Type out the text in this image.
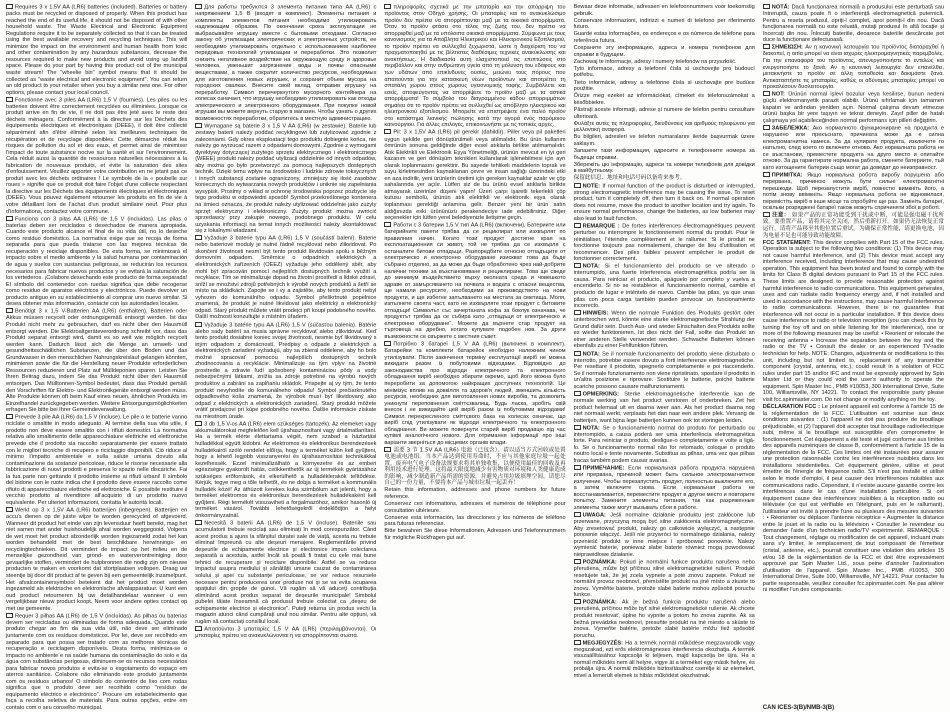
Requires 3 x 1.5V AA (LR6) batteries (included). Batteries or battery packs must be recycled or disposed of properly. When this product has reached the end of its useful life, it should not be disposed of with other household waste. The Waste Electrical and Electronic Equipment Regulations require it to be separately collected so that it can be treated using the best available recovery and recycling techniques. This will minimize the impact on the environment and human health from toxic and other contamination by any hazardous substances, decrease the resources required to make new products and avoid using up landfill space. Please do your part by having this product out of the municipal waste stream! The "wheelie bin" symbol means that it should be collected as "waste electrical and electronic equipment". You can return an old product to your retailer when you buy a similar new one. For other options, please contact your local council.

Fonctionne avec 3 piles AA (LR6) 1,5 V (fournies). Les piles ou les batteries doivent être correctement recyclées ou éliminées. Lorsque ce produit arrive en fin de vie, il ne doit pas être jeté avec le reste des déchets ménagers. Conformément à la directive sur les Déchets des équipements électriques et électroniques (DEEE), il doit être collecté séparément afin d'être éliminé selon les meilleures techniques de récupération et de recyclage disponibles. Cette démarche réduit les risques de pollution du sol et des eaux, et permet ainsi de minimiser l'impact de toute substance nocive sur la santé et sur l'environnement. Cela réduit aussi la quantité de ressources naturelles nécessaires à la fabrication de nouveaux produits, et évite la saturation des sites d'enfouissement. Veuillez apporter votre contribution en ne jetant pas ce produit avec les déchets ordinaires ! Le symbole de la « poubelle sur roues » signifie que ce produit doit faire l'objet d'une collecte respectant la directive sur les Déchets des équipements électriques et électroniques (DEEE). Vous pouvez également retourner les produits en fin de vie à votre détaillant lors de l'achat d'un produit similaire neuf. Pour plus d'informations, contactez votre commune.

Funciona con 3 pilas AA (LR6) de 1,5 V (incluidas). Las pilas o baterías deben ser reciclados o desechados de manera apropiada. Cuando este producto alcance el final de su vida útil, no lo deseche como residuo doméstico. La normativa exige que se recoja de forma separada para que pueda tratarse con las mejores técnicas de recuperación y reciclaje disponibles. De esta forma, se minimizará el impacto sobre el medio ambiente y la salud humana por contaminación de agua y suelos con sustancias peligrosas, se reducirán los recursos necesarios para fabricar nuevos productos y se evitará la saturación de los vertederos. ¡Colabore desechando este producto de forma separada! El símbolo del contenedor con ruedas significa que debe recogerse como residuo de aparatos eléctricos y electrónicos. Puede devolver un producto antiguo en su establecimiento al comprar uno nuevo similar. Si desea obtener más información, contacte con las autoridades locales.

Benötigt 3 x 1,5 V-Batterien AA (LR6) (enthalten). Batterien oder Akkus müssen recycelt oder ordnungsgemäß entsorgt werden. Ist das Produkt nicht mehr zu gebrauchen, darf es nicht über den Hausmüll entsorgt werden. Die Elektroaltgeräteverordnung schreibt vor, dass das Produkt separat entsorgt wird, damit es so weit wie möglich recycelt werden kann. Dadurch lässt sich die Menge an umwelt- und gesundheitsschädlichen Substanzen, die über den Boden und das Grundwasser in den menschlichen Nahrungskreislauf gelangen könnten, minimieren sowie die für die Herstellung neuer Produkte erforderlichen Ressourcen reduzieren und Platz auf Mülldeponien sparen. Leisten Sie Ihren Beitrag dazu, indem Sie das Produkt nicht über den Hausmüll entsorgen. Das Mülltonnen-Symbol bedeutet, dass das Produkt gemäß den Vorschriften für Elektro- und Elektronikgeräte entsorgt werden muss. Alte Produkte können oft beim Kauf eines neuen, ähnlichen Produkts im Einzelhandel zurückgegeben werden. Weitere Entsorgungsmöglichkeiten erfragen Sie bitte bei Ihrer Gemeindeverwaltung.

Prevede 3 pile AA (LR6) da 1,5 V (incluse). Le pile o le batterie vanno riciclate o smaltite in modo adeguato. Al termine della sua vita utile, il prodotto non deve essere smaltito con i rifiuti domestici. La normativa relativa allo smaltimento delle apparecchiature elettriche ed elettroniche prevede che il prodotto sia raccolto separatamente per essere trattato con le migliori tecniche di recupero e riciclaggio disponibili. Ciò riduce al minimo l'impatto ambientale e sulla salute umana dovuto alla contaminazione da sostanze pericolose, riduce le risorse necessarie alla fabbricazione di nuovi prodotti e preserva lo spazio nelle discariche. Fai la tua parte non gettando il prodotto insieme ai rifiuti urbani! Il simbolo del bidone con le ruote indica che il prodotto deve essere raccolto come rifiuto di apparecchiature elettriche ed elettroniche. È possibile restituire il vecchio prodotto al rivenditore all'acquisto di un prodotto nuovo equivalente. Per ulteriori informazioni, contatta le autorità locali.

Werkt op 3 x 1,5V AA (LR6) batterijen (inbegrepen). Batterijen en accu's dienen op de juiste wijze te worden gerecycled of afgevoerd. Wanneer dit product het einde van zijn levensduur heeft bereikt, mag het niet samen met ander huishoudelijk afval worden weggegooid. Volgens de wet moet het product afzonderlijk worden ingezameld zodat het kan worden behandeld met de best beschikbare herwinnings- en recyclingtechnieken. Dit vermindert de impact op het milieu en de menselijke gezondheid van grond- en waterverontreiniging door gevaarlijke stoffen, vermindert de hulpbronnen die nodig zijn om nieuwe producten te maken en voorkomt dat stortplaatsen vollopen. Draag uw steentje bij door dit product af te geven bij een gemeentelijk inzamelpunt. Het afvalcontainersymbool betekent dat het product moet worden ingezameld als elektrische en elektronische afvalapparatuur. U kunt een oud product retourneren bij uw detailhandelaar wanneer u een vergelijkbaar nieuw product koopt. Neem voor andere opties contact op met uw gemeente.

Requer 3 pilhas AA (LR6) de 1,5 V (incluídas). As pilhas ou baterias devem ser recicladas ou eliminadas de forma adequada. Quando este produto chegar ao fim da sua vida útil, não deve ser eliminado juntamente com os resíduos domésticos. Por lei, deve ser recolhido em separado para que possa ser tratado com as melhores técnicas de recuperação e reciclagem disponíveis. Desta forma, minimiza-se o impacto no ambiente e na saúde humana da contaminação do solo e da água com substâncias perigosas, diminuem-se os recursos necessários para fabricar novos produtos e evita-se o esgotamento do espaço em aterros sanitários. Colabore não eliminando este produto juntamente com os resíduos urbanos! O símbolo do contentor de lixo com rodas significa que o produto deve ser recolhido como "resíduo de equipamento eléctrico e electrónico". Procure um estabelecimento que faça a recolha seletiva de materiais. Para outras opções, entre em contato com o seu conselho municipal.

Для работы требуются 3 элемента питания типа AA (LR6) с напряжением 1,5 В (входят в комплект). Элементы питания и комплекты элементов питания необходимо утилизировать надлежащим образом. По окончании срока эксплуатации не выбрасывайте игрушку вместе с бытовыми отходами. Согласно закону об утилизации электрических и электронных устройств, ее необходимо утилизировать отдельно с использованием наиболее передовых технологий утилизации и переработки. Это позволит снизить негативное воздействие на окружающую среду и здоровье человека, уменьшит загрязнение воды и почвы опасными веществами, а также сократит количество ресурсов, необходимых для изготовления новых игрушек, и сохранит объем мусора на городских свалках. Внесите свой вклад, отправив игрушку на переработку. Символ перечеркнутого мусорного контейнера на колесах означает, что игрушку необходимо утилизировать как отходы электрического и электронного оборудования. При покупке новой игрушки вы можете вернуть старую в магазин. Чтобы узнать о других возможностях переработки, обратитесь в местную администрацию.

Wymagane są baterie 3 x 1,5 V AA (LR6) (w zestawie). Baterie lub zestawy baterii należy poddać recyklingowi lub zutylizować zgodnie z zaleceniami. Gdy okres eksploatacji tego produktu dobiegnie końca, nie należy go wyrzucać razem z odpadami domowymi. Zgodnie z wymogami dyrektywy dotyczącej zużytego sprzętu elektrycznego i elektronicznego (WEEE) produkt należy poddać utylizacji oddzielnie od innych odpadów, aby można go było przetworzyć za pomocą najlepszych dostępnych technik. Dzięki temu wpływ na środowisko i ludzkie zdrowie toksycznych i innych substancji zostanie ograniczony, zmniejszy się ilość zasobów koniecznych do wytwarzania nowych produktów i uniknie się zapełniania wysypisk. Prosimy o wkład w ochronę środowiska poprzez pozbycie się tego produktu w odpowiedni sposób! Symbol przekreślonego kontenera na śmieci oznacza, że produkt należy utylizować oddzielnie jako zużyty sprzęt elektryczny i elektroniczny. Zużyty produkt można zwrócić sprzedawcy przy zakupie nowego, podobnego produktu. W celu uzyskania informacji na temat innych możliwości należy skontaktować się z lokalnymi władzami.

Vyžaduje 3 baterie typu AA (LR6) 1,5 V (součástí balení). Baterie nebo bateriové moduly je nutné řádně recyklovat nebo zlikvidovat. Po skončení životnosti nesmí být tento produkt likvidován spolu s běžným domovním odpadem. Směrnice o odpadních elektrických a elektronických zařízeních (OEEZ) vyžaduje jeho oddělený sběr, aby mohl být zpracován pomocí nejlepších dostupných technik využití a recyklace. Tím se minimalizuje dopad na životní prostředí a lidské zdraví, sníží se množství zdrojů potřebných k výrobě nových produktů a šetří se místo na skládkách. Zapojte se i vy a zajistěte, aby tento produkt nebyl vyhozen do komunálního odpadu. Symbol přeškrtnuté popelnice znamená, že produkt je nutné likvidovat jako elektrický a elektronický odpad. Starý produkt můžete vrátit prodejci při koupi podobného nového. Další možnosti konzultujte s místním úřadem.

Vyžaduje 3 batérie typu AA (LR6) 1,5 V (súčasťou balenia). Batérie alebo sady batérií sa musia správne recyklovať alebo zlikvidovať. Keď tento produkt dosiahne koniec svojej životnosti, nesmie byť likvidovaný s iným odpadom z domácností. Predpisy o odpade z elektrických a elektronických zariadení vyžadujú, aby sa zbieral oddelene, aby ho bolo možné spracovať pomocou najlepších dostupných techník zhodnocovania a recyklácie. Minimalizuje sa tým vplyv na životné prostredie a zdravie ľudí spôsobený kontamináciou pôdy a vody nebezpečnými látkami, znížia sa zdroje potrebné na výrobu nových produktov a zabráni sa zapĺňaniu skládok. Prispejte aj vy tým, že tento produkt nevyhodíte do komunálneho odpadu! Symbol prečiarknutého odpadkového koša znamená, že výrobok musí byť likvidovaný ako odpad z elektrických a elektronických zariadení. Starý produkt môžete vrátiť predajcovi pri kúpe podobného nového. Ďalšie informácie získate na miestnom úrade.

3 db 1,5 V-os AA (LR6) elem szükséges (tartozék). Az elemeket vagy akkumulátorokat megfelelően kell újrahasznosítani vagy ártalmatlanítani. Ha a termék elérte élettartama végét, nem szabad a háztartási hulladékkal együtt kidobni. Az elektromos és elektronikus berendezések hulladékairól szóló rendelet előírja, hogy a terméket külön kell gyűjteni, hogy a lehető legjobb visszanyerési és újrahasznosítási technikákkal kezelhessék. Ezzel minimalizálható a környezetre és az emberi egészségre gyakorolt hatás, csökkenthetők az új termékek gyártásához szükséges erőforrások, és elkerülhető a hulladéklerakók telítődése. Kérjük, tegye meg a tőle telhetőt, és ne dobja a terméket a kommunális hulladék közé! Az áthúzott kerekes kuka szimbólum azt jelenti, hogy a terméket elektromos és elektronikus berendezések hulladékaként kell gyűjteni. Régi termékét visszaviheti a forgalmazóhoz, amikor hasonló új terméket vásárol. További lehetőségekről érdeklődjön a helyi önkormányzatnál.

Necesită 3 baterii AA (LR6) de 1,5 V (incluse). Bateriile sau acumulatorii trebuie reciclați sau eliminați în mod corespunzător. Când acest produs a ajuns la sfârșitul duratei sale de viață, acesta nu trebuie eliminat împreună cu alte deșeuri menajere. Reglementările privind deșeurile de echipamente electrice și electronice impun colectarea separată a acestuia, astfel încât să poată fi tratat cu cele mai bune tehnici de recuperare și reciclare disponibile. Astfel se va reduce impactul asupra mediului și sănătății umane cauzat de contaminarea solului și apei cu substanțe periculoase, se vor reduce resursele necesare pentru producerea unor produse noi și se va evita ocuparea spațiului din gropile de gunoi. Vă rugăm să vă aduceți contribuția eliminând acest produs separat de deșeurile municipale! Simbolul pubelei tăiate înseamnă că produsul trebuie colectat ca „deșeu de echipamente electrice și electronice". Puteți returna un produs vechi la magazin atunci când cumpărați unul nou similar. Pentru alte opțiuni, vă rugăm să contactați consiliul local.

Απαιτούνται 3 μπαταρίες 1,5 V AA (LR6) (περιλαμβάνονται). Οι μπαταρίες πρέπει να ανακυκλώνονται ή να απορρίπτονται σωστά.

πληροφορίες σχετικά με την μπαταρία και την απόρριψη του προϊόντος στον Οδηγό χρήσης. Οι μπαταρίες και το ανακυκλώσιμο προϊόν δεν πρέπει να απορρίπτονται μαζί με τα οικιακά απορρίμματα. Όταν το προϊόν φτάσει στο τέλος της ζωής του, δεν πρέπει να απορριφθεί μαζί με τα υπόλοιπα οικιακά απορρίμματα. Σύμφωνα με τους κανονισμούς για τα Απόβλητα Ηλεκτρικού και Ηλεκτρονικού Εξοπλισμού, το προϊόν πρέπει να συλλεχθεί ξεχωριστά, ώστε η διαχείρισή του να πραγματοποιηθεί με τις βέλτιστες διαθέσιμες τεχνικές ανακύκλωσης και ανακτήσεως. Η διαδικασία αυτή ελαχιστοποιεί τις επιπτώσεις στο περιβάλλον και στην ανθρώπινη υγεία από τη μόλυνση του εδάφους και των υδάτων από επικίνδυνες ουσίες, μειώνει τους πόρους που απαιτούνται για την κατασκευή νέων προϊόντων και αποτρέπει τη σπατάλη χώρου στους χώρους υγειονομικής ταφής. Συμβάλλετε και εσείς, αποφεύγοντας να απορρίψετε το προϊόν μαζί με τα αστικά απορρίμματα! Το σύμβολο του διαγραμμένου κάδου απορριμμάτων σημαίνει ότι το προϊόν πρέπει να συλλεχθεί ως απόβλητο ηλεκτρικού και ηλεκτρονικού εξοπλισμού. Μπορείτε να επιστρέψετε ένα παλιό προϊόν στο κατάστημα λιανικής πώλησης κατά την αγορά ενός παρόμοιου καινούργιου. Για άλλες επιλογές, επικοινωνήστε με τις τοπικές αρχές.

Pil: 3 x 1,5V AA (LR6) pil gerekir (dahildir). Piller veya pil paketleri uygun şekilde geri dönüştürülmeli veya atılmalıdır. Bu ürün kullanım ömrünün sonuna geldiğinde diğer evsel atıklarla birlikte atılmamalıdır. Atık Elektrikli ve Elektronik Eşya Yönetmeliği, ürünün mevcut en iyi geri kazanım ve geri dönüşüm teknikleri kullanılarak işlenebilmesi için ayrı olarak toplanmasını gerektirir. Bu sayede tehlikeli maddelerin toprak ve suyu kirletmesinden kaynaklanan çevre ve insan sağlığı üzerindeki etki en aza indirilir, yeni ürünlerin üretimi için gereken kaynaklar azalır ve çöp sahalarında yer açılır. Lütfen siz de bu ürünü evsel atıklarla birlikte atmayarak üzerinize düşeni yapın! Üzeri çarpı işaretli tekerlekli çöp kutusu sembolü, ürünün atık elektrikli ve elektronik eşya olarak toplanması gerektiği anlamına gelir. Benzer yeni bir ürün satın aldığınızda eski ürününüzü perakendeciye iade edebilirsiniz. Diğer seçenekler için lütfen yerel belediyenizle iletişime geçin.

Работи с 3 батерии 1,5 V тип AA (LR6) (включени). Батериите или батерийните пакети трябва да се рециклират или изхвърлят по правилния начин. Когато този продукт достигне края на експлоатационния си живот, той не трябва да се изхвърля с останалите битови отпадъци. Разпоредбите относно отпадъците от електрическо и електронно оборудване изискват това да бъде събрано отделно, за да може да бъде обработено чрез най-добрите налични техники за възстановяване и рециклиране. Това ще сведе до минимум въздействието върху околната среда и човешкото здраве от замърсяването на почвата и водата с опасни вещества, ще намали ресурсите, необходими за производството на нови продукти, и ще избегне запълването на местата за сметища. Моля, изпълнете своята част, като не изхвърляте този продукт с битовите отпадъци! Символът със зачертаната кофа за боклук означава, че продуктът трябва да се събира като „отпадъци от електрическо и електронно оборудване". Можете да върнете стар продукт на търговеца на дребно, когато купувате подобен нов. За други възможности се свържете с местния съвет.

Потрібно 3 батареї 1,5 V AA (LR6) (включені в комплект). Батарейки та комплекти батарейок необхідно належним чином утилізувати. Після закінчення терміну експлуатації виріб не можна викидати разом із побутовими відходами. Відповідно до законодавства про відходи електричного та електронного обладнання виріб необхідно збирати окремо, щоб його можна було переробити за допомогою найкращих доступних технологій. Це мінімізує вплив на довкілля та здоров'я людей, зменшить кількість ресурсів, необхідних для виготовлення нових виробів, та дозволить уникнути переповнення сміттєзвалищ. Будь ласка, зробіть свій внесок і не викидайте цей виріб разом із побутовими відходами! Символ перекресленого сміттєвого бака на колесах означає, що виріб слід утилізувати як відходи електричного та електронного обладнання. Ви можете повернути старий виріб продавцю під час купівлі аналогічного нового. Для отримання інформації про інші варіанти зверніться до місцевих органів влади.

需要 3 节 1.5V AA (LR6) 电池（已包含）。请以适当方式回收或处置电池或电池组。当本产品达到使用寿命时，不应与其他家庭垃圾一起处置。废弃电气电子设备法规要求将其单独收集，以便使用最佳的回收及再利用技术进行处理。这将最大限度地减少有害物质对环境和人类健康造成的影响，减少制造新产品所需的资源，并避免占用垃圾填埋空间。请您尽自己的一份力量，不要将本产品与城市垃圾一起丢弃！

Retain this information, addresses and phone numbers for future reference.

Conservez ces informations, adresses et numéros de téléphone pour consultation ultérieure.

Conserve esta información, las direcciones y los números de teléfono para futuras referencias.

Bitte bewahren Sie diese Informationen, Adressen und Telefonnummern für mögliche Rückfragen gut auf.

Bewaar deze informatie, adressen en telefoonnummers voor toekomstig gebruik.

Conservare informazioni, indirizzi e numeri di telefono per riferimento futuro.

Guarde estas informações, os endereços e os números de telefone para referência futura.

Сохраните эту информацию, адреса и номера телефонов для справки в будущем.

Zachowaj te informacje, adresy i numery telefonów na przyszłość.

Tyto informace, adresy a telefonní čísla si uschovejte pro budoucí potřebu.

Tieto informácie, adresy a telefónne čísla si uschovajte pre budúce použitie.

Őrizze meg ezeket az információkat, címeket és telefonszámokat a későbbiekre.

Păstrați aceste informații, adrese și numere de telefon pentru consultare ulterioară.

Φυλάξτε αυτές τις πληροφορίες, διευθύνσεις και αριθμούς τηλεφώνου για μελλοντική αναφορά.

Bu bilgileri, adresleri ve telefon numaralarını ileride başvurmak üzere saklayın.

Запазете тази информация, адресите и телефонните номера за бъдещи справки.

Збережіть цю інформацію, адреси та номери телефонів для довідки в майбутньому.

保留此信息、地址和电话号码以备将来参考。

NOTE: If normal function of the product is disturbed or interrupted, strong electromagnetic interference may be causing the issue. To reset product, turn it completely off, then turn it back on. If normal operation does not resume, move the product to another location and try again. To ensure normal performance, change the batteries, as low batteries may also lead to fault function.

REMARQUE : De fortes interférences électromagnétiques peuvent perturber ou interrompre le fonctionnement normal du produit. Pour le réinitialiser, l'éteindre complètement et le rallumer. Si le produit ne fonctionne toujours pas normalement, changer de lieu d'utilisation et recommencer. Des piles faibles peuvent empêcher le produit de fonctionner correctement.

NOTA: Si el funcionamiento del producto se ve alterado o interrumpido, una fuerte interferencia electromagnética podría ser la causa. Para reiniciar el producto, apáguelo por completo y vuelva a encenderlo. Si no se restablece el funcionamiento normal, cambie el producto de lugar e inténtelo de nuevo. Cambie las pilas, ya que unas pilas con poca carga también pueden provocar un funcionamiento incorrecto.

HINWEIS: Wenn die normale Funktion des Produkts gestört oder unterbrochen wird, könnte eine starke elektromagnetische Strahlung der Grund dafür sein. Durch Aus- und wieder Einschalten des Produkts sollte es wieder funktionieren. Ist dies nicht der Fall, sollte das Produkt an einer anderen Stelle verwendet werden. Schwache Batterien können ebenfalls zu einer Fehlfunktion führen.

NOTA: Se il normale funzionamento del prodotto viene disturbato o interrotto, potrebbe essere dovuto a forti interferenze elettromagnetiche. Per resettare il prodotto, spegnerlo completamente e poi riaccenderlo. Se il normale funzionamento non viene ripristinato, spostare il prodotto in un'altra posizione e riprovare. Sostituire le batterie, poiché batterie scariche possono causare malfunzionamenti.

OPMERKING: Sterke elektromagnetische interferentie kan de normale werking van het product verstoren of onderbreken. Zet het product helemaal uit en daarna weer aan. Als het product daarna nog niet normaal werkt, verplaats het dan naar een andere plek. Vervang de batterijen, want bijna lege batterijen kunnen ook tot storingen leiden.

NOTA: Se o funcionamento normal do produto for perturbado ou interrompido, a causa poderá ser uma interferência eletromagnética forte. Para reiniciar o produto, desligue-o completamente e volte a ligá-lo. Se o funcionamento normal não for retomado, coloque o produto noutro local e tente novamente. Substitua as pilhas, uma vez que pilhas fracas também podem causar avarias.

ПРИМЕЧАНИЕ: Если нормальная работа продукта нарушена или прервана, причиной может быть сильное электромагнитное излучение. Чтобы перезапустить продукт, полностью выключите его, а затем включите снова. Если нормальная работа не восстанавливается, переместите продукт в другое место и повторите попытку. Замените элементы питания, так как разряженные элементы также могут вызывать сбои в работе.

UWAGA: Jeśli normalne działanie produktu jest zakłócone lub przerwane, przyczyną mogą być silne zakłócenia elektromagnetyczne. Aby zresetować produkt, należy go całkowicie wyłączyć, a następnie ponownie włączyć. Jeśli nie przywróci to normalnego działania, należy przenieść produkt w inne miejsce i spróbować ponownie. Należy wymienić baterie, ponieważ słabe baterie również mogą powodować nieprawidłowe działanie.

POZNÁMKA: Pokud je normální funkce produktu narušena nebo přerušena, může být příčinou silné elektromagnetické rušení. Produkt resetujete tak, že jej zcela vypnete a poté znovu zapnete. Pokud se normální provoz neobnoví, přemístěte produkt na jiné místo a zkuste to znovu. Vyměňte baterie, protože slabé baterie mohou způsobit poruchu funkce.

POZNÁMKA: Ak je bežná funkcia produktu narušená alebo prerušená, príčinou môže byť silné elektromagnetické rušenie. Ak chcete produkt resetovať, úplne ho vypnite a potom ho znova zapnite. Ak sa bežná prevádzka neobnoví, presuňte produkt na iné miesto a skúste to znova. Vymeňte batérie, pretože slabé batérie môžu tiež spôsobiť poruchu.

MEGJEGYZÉS: Ha a termék normál működése megzavarodik vagy megszakad, ezt erős elektromágneses interferencia okozhatja. A termék visszaállításához kapcsolja ki teljesen, majd kapcsolja be újra. Ha a normál működés nem áll helyre, vigye át a terméket egy másik helyre, és próbálja újra. A normál működés biztosításához cserélje ki az elemeket, mivel a lemerült elemek is hibás működést okozhatnak.

NOTĂ: Dacă funcționarea normală a produsului este perturbată sau întreruptă, cauza poate fi o interferență electromagnetică puternică. Pentru a reseta produsul, opriți-l complet, apoi porniți-l din nou. Dacă funcționarea normală nu este reluată, mutați produsul în altă locație și încercați din nou. Înlocuiți bateriile, deoarece bateriile descărcate pot duce la funcționare defectuoasă.

ΣΗΜΕΙΩΣΗ: Αν η κανονική λειτουργία του προϊόντος διαταραχθεί ή διακοπεί, η αιτία μπορεί να είναι ισχυρές ηλεκτρομαγνητικές παρεμβολές. Για την επαναφορά του προϊόντος, απενεργοποιήστε το εντελώς και ενεργοποιήστε το ξανά. Αν η κανονική λειτουργία δεν επανέλθει, μετακινήστε το προϊόν σε άλλη τοποθεσία και δοκιμάστε ξανά. Αντικαταστήστε τις μπαταρίες, καθώς οι αδύναμες μπαταρίες μπορεί να προκαλέσουν δυσλειτουργία.

NOT: Ürünün normal işlevi bozulur veya kesilirse, bunun nedeni güçlü elektromanyetik parazit olabilir. Ürünü sıfırlamak için tamamen kapatın ve ardından yeniden açın. Normal çalışma devam etmezse ürünü başka bir yere taşıyın ve tekrar deneyin. Zayıf piller de hatalı çalışmaya yol açabileceğinden normal performans için pilleri değiştirin.

ЗАБЕЛЕЖКА: Ако нормалното функциониране на продукта е нарушено или прекъснато, причината може да е силна електромагнитна намеса. За да нулирате продукта, изключете го напълно, след което го включете отново. Ако нормалната работа не се възстанови, преместете продукта на друго място и опитайте отново. За да гарантирате нормална работа, сменете батериите, тъй като изтощените батерии също могат да доведат до неизправност.

ПРИМІТКА: Якщо нормальна робота виробу порушена або перервана, причиною можуть бути сильні електромагнітні перешкоди. Щоб перезапустити виріб, повністю вимкніть його, а потім знову ввімкніть. Якщо нормальна робота не відновилася, перемістіть виріб в інше місце та спробуйте ще раз. Замініть батареї, оскільки розряджені батареї також можуть спричиняти збої в роботі.

注意： 如果产品的正常功能受到干扰或中断，可能是强电磁干扰所致。要重置产品，请将其完全关闭，然后重新打开。如果仍无法恢复正常运行，请将产品移至其他位置后重试。为确保正常性能，请更换电池，因为电量不足也可能导致功能故障。

FCC STATEMENT: This device complies with Part 15 of the FCC rules. Operation is subject to the following two conditions: (1) This device may not cause harmful interference, and (2) This device must accept any interference received, including interference that may cause undesired operation. This equipment has been tested and found to comply with the limits for Class B digital devices pursuant to Part 15 of the FCC rules. These limits are designed to provide reasonable protection against harmful interference to radio communications. This equipment generates, uses and can radiate radio frequency energy and, if not installed and used in accordance with the instructions, may cause harmful interference to radio communications. However, there is no guarantee that interference will not occur in a particular installation. If this device does cause interference to radio or television reception (you can check this by turning the toy off and on while listening for the interference), one or more of the following measures may be useful: • Reorient or relocate the receiving antenna • Increase the separation between the toy and the radio or the TV • Consult the dealer or an experienced TV-radio technician for help. NOTE: Changes, adjustments or modifications to this unit, including but not limited to, replacement of any transmitter component (crystal, antenna, etc.), could result in a violation of FCC rules under part 15 and/or IFC and must be expressly approved by Spin Master Ltd or they could void the user's authority to operate the equipment. Spin Master Inc., PMB #10053, 300 International Drive, Suite 100, Williamsville, NY 14221. To contact the responsible party please visit fcc.spinmaster.com. Do not change or modify anything on the toy.

DÉCLARATION FCC : Le présent appareil est conforme à l'article 15 de la réglementation de la FCC. L'utilisation est soumise aux deux conditions suivantes : (1) l'appareil ne doit pas produire de brouillage préjudiciable, et (2) l'appareil doit accepter tout brouillage radioélectrique subi, même si le brouillage est susceptible d'en compromettre le fonctionnement. Cet équipement a été testé et jugé conforme aux limites des appareils numériques de classe B, conformément à l'article 15 de la réglementation de la FCC. Ces limites ont été instaurées pour assurer une protection raisonnable contre les interférences nuisibles dans les installations résidentielles. Cet équipement génère, utilise et peut émettre de l'énergie de fréquence radio. S'il n'est pas installé et utilisé selon le mode d'emploi, il peut causer des interférences nuisibles aux communications radio. Cependant, il n'existe aucune garantie contre les interférences dans le cas d'une installation particulière. Si cet équipement cause des interférences nuisibles à la réception radio ou télévisée (ce qui est vérifiable en l'éteignant, puis en le rallumant), l'utilisateur est invité à prendre l'une ou plusieurs des mesures suivantes : • Réorienter ou déplacer l'antenne réceptrice • Augmenter la distance entre le jouet et la radio ou la télévision • Consulter le revendeur ou demander l'aide d'un technicien radio/TV expérimenté. REMARQUE : Tout changement, réglage ou modification de cet appareil, incluant mais sans s'y limiter, le remplacement de tout composant de l'émetteur (cristal, antenne, etc.), pourrait constituer une violation des articles 15 et/ou 18 de la réglementation de la FCC et doit être expressément approuvé par Spin Master Ltd., sous peine d'annuler l'autorisation d'utilisation de l'appareil. Spin Master Inc., PMB #10053, 300 International Drive, Suite 100, Williamsville, NY 14221. Pour contacter la partie responsable, veuillez consulter fcc.spinmaster.com. Ne pas altérer ni modifier l'un des composants.

CAN ICES-3(B)/NMB-3(B)
